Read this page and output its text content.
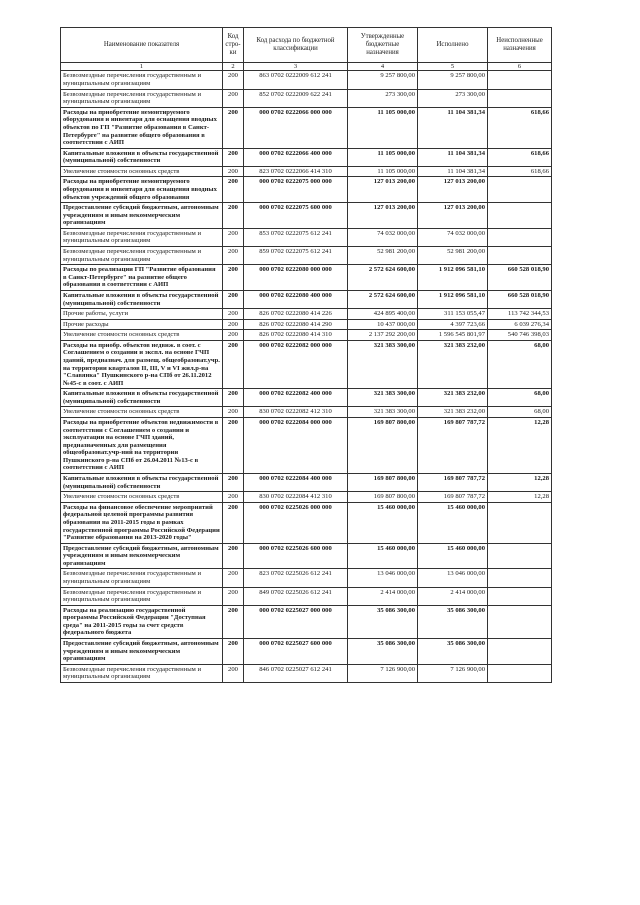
Наименование показателя	Код стро-ки	Код расхода по бюджетной классификации	Утвержденные бюджетные назначения	Исполнено	Неисполненные назначения
1	2	3	4	5	6
Безвозмездные перечисления государственным и муниципальным организациям	200	863 0702 0222009 612 241	9 257 800,00	9 257 800,00	
Безвозмездные перечисления государственным и муниципальным организациям	200	852 0702 0222009 622 241	273 300,00	273 300,00	
Расходы на приобретение немонтируемого оборудования и инвентаря для оснащения вводных объектов по ГП "Развитие образования в Санкт-Петербурге" на развитие общего образования в соответствии с АИП	200	000 0702 0222066 000 000	11 105 000,00	11 104 381,34	618,66
Капитальные вложения в объекты государственной (муниципальной) собственности	200	000 0702 0222066 400 000	11 105 000,00	11 104 381,34	618,66
Увеличение стоимости основных средств	200	823 0702 0222066 414 310	11 105 000,00	11 104 381,34	618,66
Расходы на приобретение немонтируемого оборудования и инвентаря для оснащения вводных объектов учреждений общего образования	200	000 0702 0222075 000 000	127 013 200,00	127 013 200,00	
Предоставление субсидий бюджетным, автономным учреждениям и иным некоммерческим организациям	200	000 0702 0222075 600 000	127 013 200,00	127 013 200,00	
Безвозмездные перечисления государственным и муниципальным организациям	200	853 0702 0222075 612 241	74 032 000,00	74 032 000,00	
Безвозмездные перечисления государственным и муниципальным организациям	200	859 0702 0222075 612 241	52 981 200,00	52 981 200,00	
Расходы по реализации ГП "Развитие образования в Санкт-Петербурге" на развитие общего образования в соответствии с АИП	200	000 0702 0222080 000 000	2 572 624 600,00	1 912 096 581,10	660 528 018,90
Капитальные вложения в объекты государственной (муниципальной) собственности	200	000 0702 0222080 400 000	2 572 624 600,00	1 912 096 581,10	660 528 018,90
Прочие работы, услуги	200	826 0702 0222080 414 226	424 895 400,00	311 153 055,47	113 742 344,53
Прочие расходы	200	826 0702 0222080 414 290	10 437 000,00	4 397 723,66	6 039 276,34
Увеличение стоимости основных средств	200	826 0702 0222080 414 310	2 137 292 200,00	1 596 545 801,97	540 746 398,03
Расходы на приобр. объектов недвиж. в соот. с Соглашением о создании и экспл. на основе ГЧП зданий, предназнач. для размещ. общеобразоват.учр. на территории кварталов II, III, V и VI жил.р-на "Славянка" Пушкинского р-на СПб от 26.11.2012 №45-с в соот. с АИП	200	000 0702 0222082 000 000	321 383 300,00	321 383 232,00	68,00
Капитальные вложения в объекты государственной (муниципальной) собственности	200	000 0702 0222082 400 000	321 383 300,00	321 383 232,00	68,00
Увеличение стоимости основных средств	200	830 0702 0222082 412 310	321 383 300,00	321 383 232,00	68,00
Расходы на приобретение объектов недвижимости в соответствии с Соглашением о создании и эксплуатации на основе ГЧП зданий, предназначенных для размещения общеобразоват.учр-ний на территории Пушкинского р-на СПб от 26.04.2011 №13-с в соответствии с АИП	200	000 0702 0222084 000 000	169 807 800,00	169 807 787,72	12,28
Капитальные вложения в объекты государственной (муниципальной) собственности	200	000 0702 0222084 400 000	169 807 800,00	169 807 787,72	12,28
Увеличение стоимости основных средств	200	830 0702 0222084 412 310	169 807 800,00	169 807 787,72	12,28
Расходы на финансовое обеспечение мероприятий федеральной целевой программы развития образования на 2011-2015 годы в рамках государственной программы Российской Федерации "Развитие образования на 2013-2020 годы"	200	000 0702 0225026 000 000	15 460 000,00	15 460 000,00	
Предоставление субсидий бюджетным, автономным учреждениям и иным некоммерческим организациям	200	000 0702 0225026 600 000	15 460 000,00	15 460 000,00	
Безвозмездные перечисления государственным и муниципальным организациям	200	823 0702 0225026 612 241	13 046 000,00	13 046 000,00	
Безвозмездные перечисления государственным и муниципальным организациям	200	849 0702 0225026 612 241	2 414 000,00	2 414 000,00	
Расходы на реализацию государственной программы Российской Федерации "Доступная среда" на 2011-2015 годы за счет средств федерального бюджета	200	000 0702 0225027 000 000	35 086 300,00	35 086 300,00	
Предоставление субсидий бюджетным, автономным учреждениям и иным некоммерческим организациям	200	000 0702 0225027 600 000	35 086 300,00	35 086 300,00	
Безвозмездные перечисления государственным и муниципальным организациям	200	846 0702 0225027 612 241	7 126 900,00	7 126 900,00	
